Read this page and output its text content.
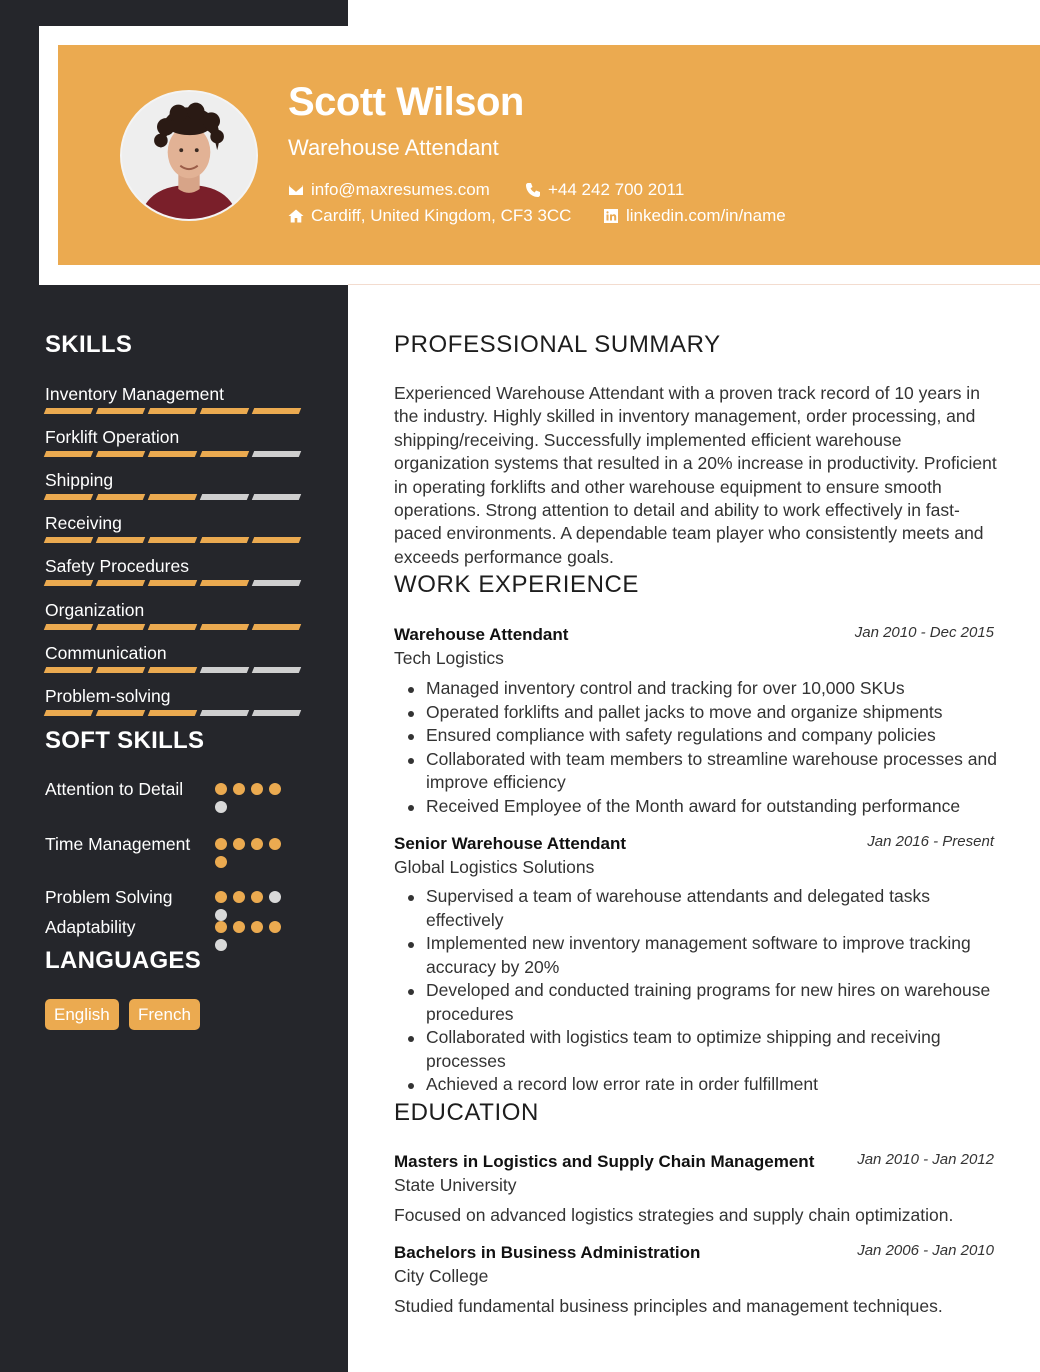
Scott Wilson
Warehouse Attendant
info@maxresumes.com	+44 242 700 2011
Cardiff, United Kingdom, CF3 3CC	linkedin.com/in/name
SKILLS
Inventory Management
Forklift Operation
Shipping
Receiving
Safety Procedures
Organization
Communication
Problem-solving
SOFT SKILLS
Attention to Detail
Time Management
Problem Solving
Adaptability
LANGUAGES
English	French
PROFESSIONAL SUMMARY
Experienced Warehouse Attendant with a proven track record of 10 years in the industry. Highly skilled in inventory management, order processing, and shipping/receiving. Successfully implemented efficient warehouse organization systems that resulted in a 20% increase in productivity. Proficient in operating forklifts and other warehouse equipment to ensure smooth operations. Strong attention to detail and ability to work effectively in fast-paced environments. A dependable team player who consistently meets and exceeds performance goals.
WORK EXPERIENCE
Warehouse Attendant	Jan 2010 - Dec 2015
Tech Logistics
Managed inventory control and tracking for over 10,000 SKUs
Operated forklifts and pallet jacks to move and organize shipments
Ensured compliance with safety regulations and company policies
Collaborated with team members to streamline warehouse processes and improve efficiency
Received Employee of the Month award for outstanding performance
Senior Warehouse Attendant	Jan 2016 - Present
Global Logistics Solutions
Supervised a team of warehouse attendants and delegated tasks effectively
Implemented new inventory management software to improve tracking accuracy by 20%
Developed and conducted training programs for new hires on warehouse procedures
Collaborated with logistics team to optimize shipping and receiving processes
Achieved a record low error rate in order fulfillment
EDUCATION
Masters in Logistics and Supply Chain Management	Jan 2010 - Jan 2012
State University
Focused on advanced logistics strategies and supply chain optimization.
Bachelors in Business Administration	Jan 2006 - Jan 2010
City College
Studied fundamental business principles and management techniques.
